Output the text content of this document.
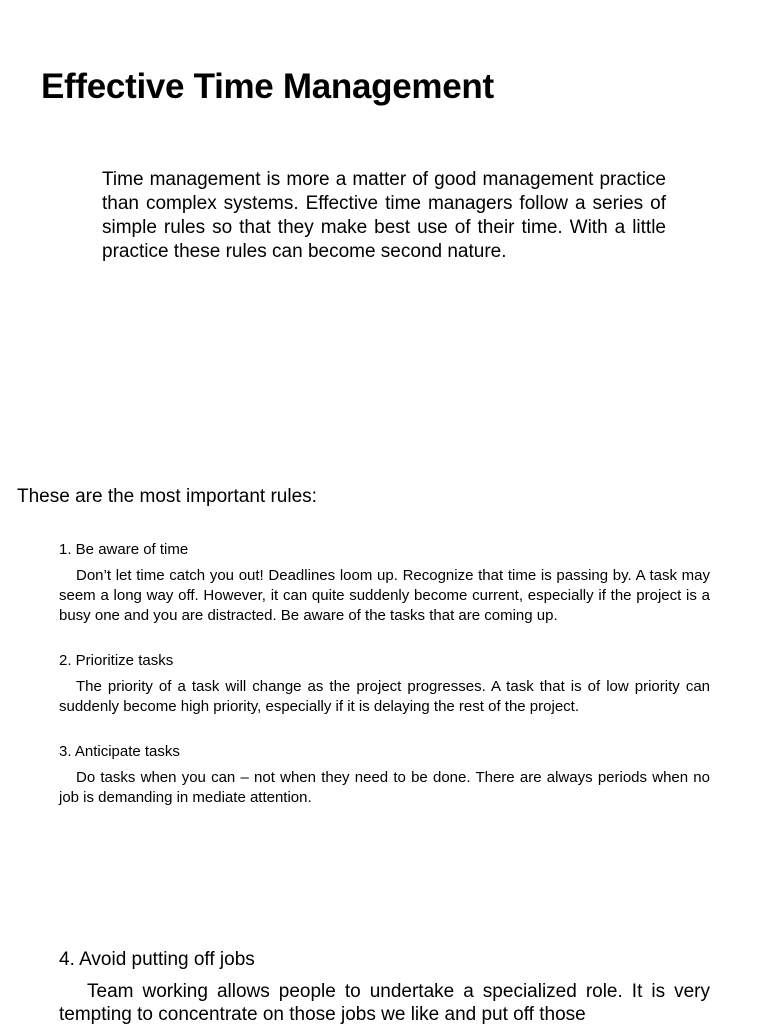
Effective Time Management

Time management is more a matter of good management practice than complex systems. Effective time managers follow a series of simple rules so that they make best use of their time. With a little practice these rules can become second nature.

These are the most important rules:

1. Be aware of time

Don’t let time catch you out! Deadlines loom up. Recognize that time is passing by. A task may seem a long way off. However, it can quite suddenly become current, especially if the project is a busy one and you are distracted. Be aware of the tasks that are coming up.

2. Prioritize tasks

The priority of a task will change as the project progresses. A task that is of low priority can suddenly become high priority, especially if it is delaying the rest of the project.

3. Anticipate tasks

Do tasks when you can – not when they need to be done. There are always periods when no job is demanding in mediate attention.

4. Avoid putting off jobs

Team working allows people to undertake a specialized role. It is very tempting to concentrate on those jobs we like and put off those
